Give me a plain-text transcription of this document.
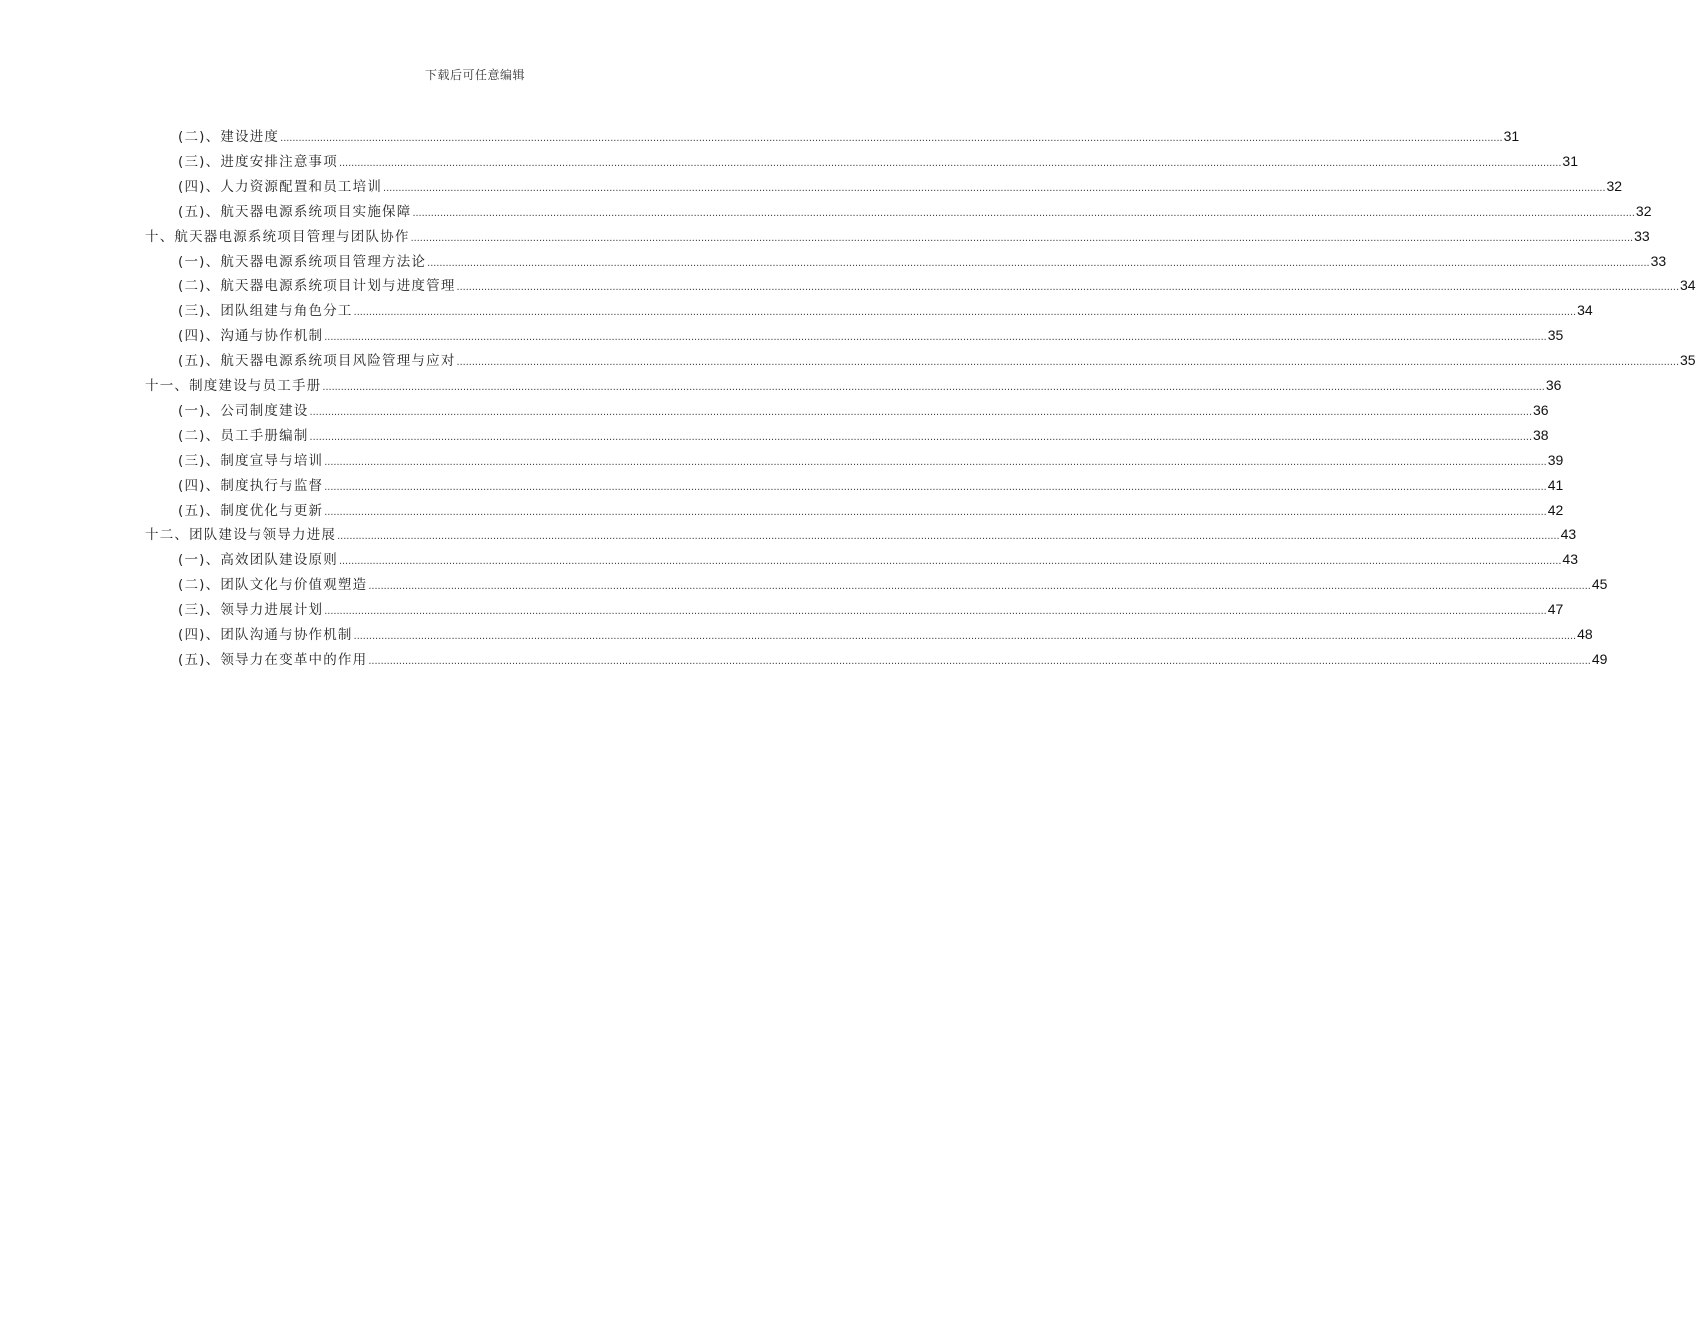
下载后可任意编辑
(二)、建设进度 ................................................................................................................................................................................................................................................................................................................................................................................................................ 31
(三)、进度安排注意事项 ................................................................................................................................................................................................................................................................................................................................................................................................................ 31
(四)、人力资源配置和员工培训 ................................................................................................................................................................................................................................................................................................................................................................................................................ 32
(五)、航天器电源系统项目实施保障 ................................................................................................................................................................................................................................................................................................................................................................................................................ 32
十、航天器电源系统项目管理与团队协作 ................................................................................................................................................................................................................................................................................................................................................................................................................ 33
(一)、航天器电源系统项目管理方法论 ................................................................................................................................................................................................................................................................................................................................................................................................................ 33
(二)、航天器电源系统项目计划与进度管理 ................................................................................................................................................................................................................................................................................................................................................................................................................ 34
(三)、团队组建与角色分工 ................................................................................................................................................................................................................................................................................................................................................................................................................ 34
(四)、沟通与协作机制 ................................................................................................................................................................................................................................................................................................................................................................................................................ 35
(五)、航天器电源系统项目风险管理与应对 ................................................................................................................................................................................................................................................................................................................................................................................................................ 35
十一、制度建设与员工手册 ................................................................................................................................................................................................................................................................................................................................................................................................................ 36
(一)、公司制度建设 ................................................................................................................................................................................................................................................................................................................................................................................................................ 36
(二)、员工手册编制 ................................................................................................................................................................................................................................................................................................................................................................................................................ 38
(三)、制度宣导与培训 ................................................................................................................................................................................................................................................................................................................................................................................................................ 39
(四)、制度执行与监督 ................................................................................................................................................................................................................................................................................................................................................................................................................ 41
(五)、制度优化与更新 ................................................................................................................................................................................................................................................................................................................................................................................................................ 42
十二、团队建设与领导力进展 ................................................................................................................................................................................................................................................................................................................................................................................................................ 43
(一)、高效团队建设原则 ................................................................................................................................................................................................................................................................................................................................................................................................................ 43
(二)、团队文化与价值观塑造 ................................................................................................................................................................................................................................................................................................................................................................................................................ 45
(三)、领导力进展计划 ................................................................................................................................................................................................................................................................................................................................................................................................................ 47
(四)、团队沟通与协作机制 ................................................................................................................................................................................................................................................................................................................................................................................................................ 48
(五)、领导力在变革中的作用 ................................................................................................................................................................................................................................................................................................................................................................................................................ 49
